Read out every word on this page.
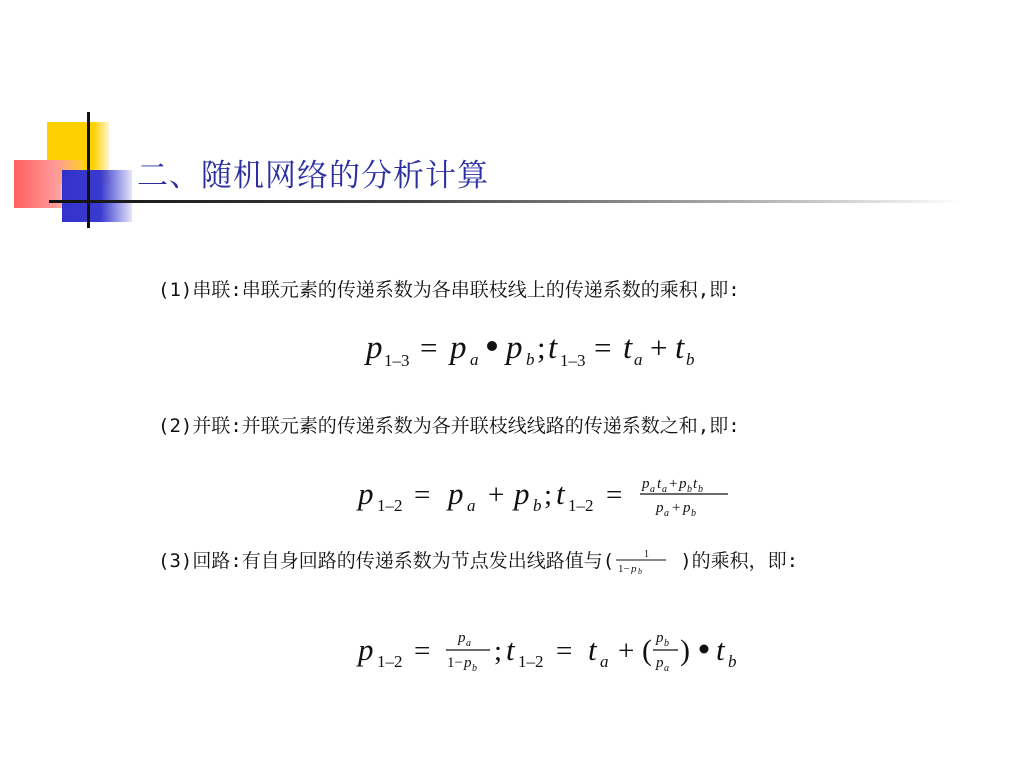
二、随机网络的分析计算
(1)串联:串联元素的传递系数为各串联枝线上的传递系数的乘积,即:
p 1–3 = p a p b ; t 1–3 = t a + t b
(2)并联:并联元素的传递系数为各并联枝线线路的传递系数之和,即:
p 1–2 = p a + p b ; t 1–2 = p a t a + p b t b
p a + p b
(3)回路:有自身回路的传递系数为节点发出线路值与(	1
1− p b )的乘积，即:
p 1–2 = p a
1− p b
; t 1–2 = t a + ( p b
p a
) t b
